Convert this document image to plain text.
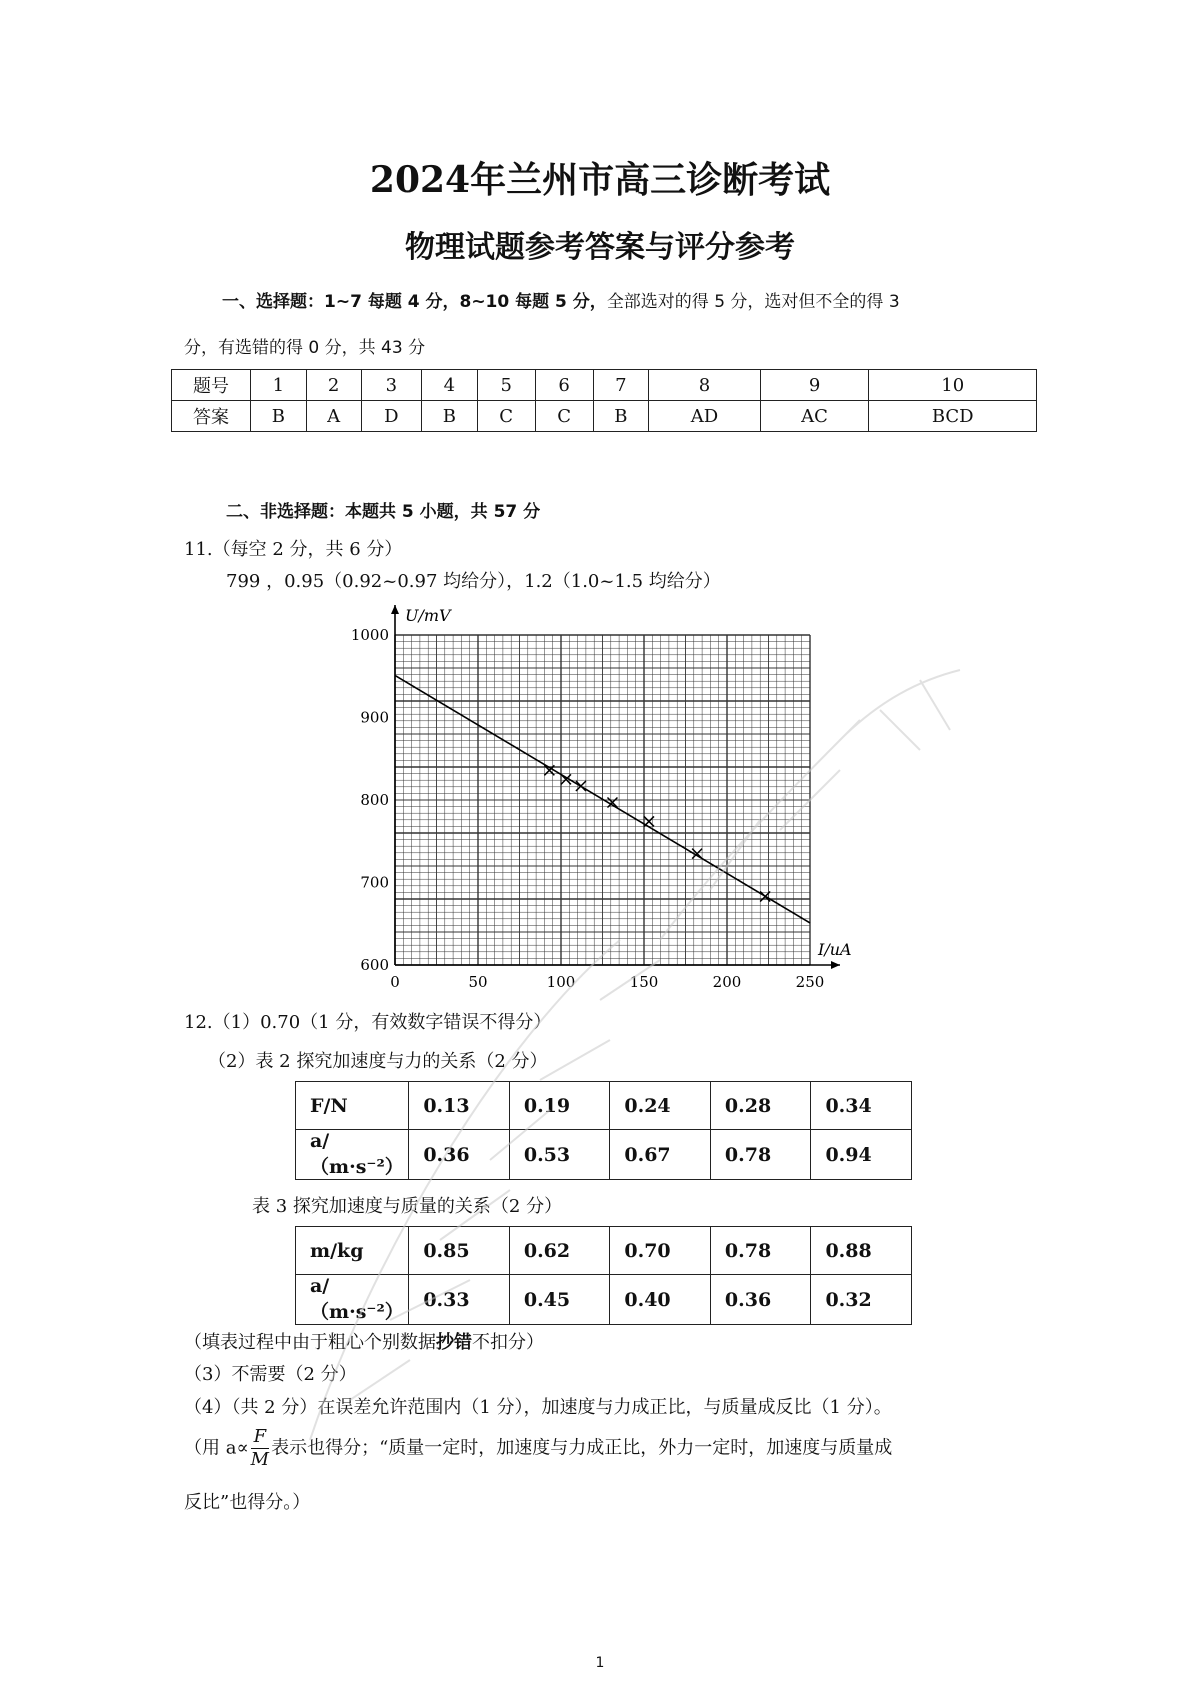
2024年兰州市高三诊断考试
物理试题参考答案与评分参考
一、选择题：1~7 每题 4 分，8~10 每题 5 分，全部选对的得 5 分，选对但不全的得 3
分，有选错的得 0 分，共 43 分
题号	1	2	3	4	5	6	7	8	9	10
答案	B	A	D	B	C	C	B	AD	AC	BCD
二、非选择题：本题共 5 小题，共 57 分
11.（每空 2 分，共 6 分）
799 ，0.95（0.92~0.97 均给分），1.2（1.0~1.5 均给分）
0	50	100	150	200	250
600
700
800
900
1000
U/mV
I/uA
12.（1）0.70（1 分，有效数字错误不得分）
（2）表 2 探究加速度与力的关系（2 分）
F/N	0.13	0.19	0.24	0.28	0.34
a/（m·s⁻²）	0.36	0.53	0.67	0.78	0.94
表 3 探究加速度与质量的关系（2 分）
m/kg	0.85	0.62	0.70	0.78	0.88
a/（m·s⁻²）	0.33	0.45	0.40	0.36	0.32
（填表过程中由于粗心个别数据抄错不扣分）
（3）不需要（2 分）
（4）（共 2 分）在误差允许范围内（1 分），加速度与力成正比，与质量成反比（1 分）。
（用 $a\propto \frac{F}{M}$ 表示也得分；“质量一定时，加速度与力成正比，外力一定时，加速度与质量成
反比”也得分。）
1
